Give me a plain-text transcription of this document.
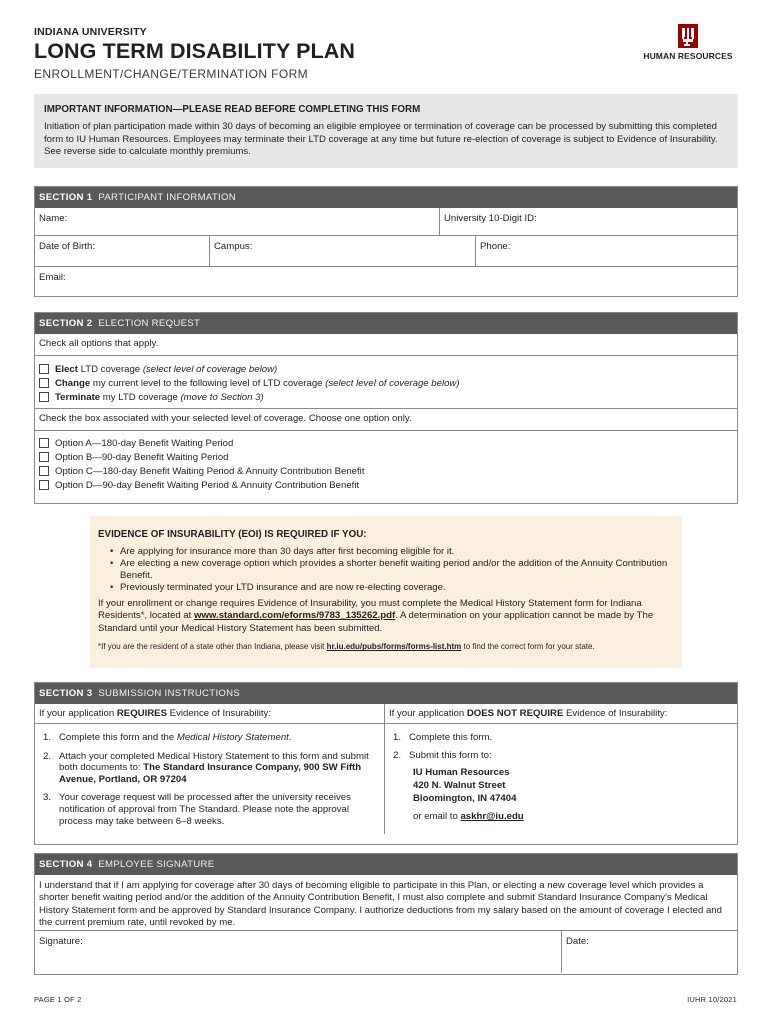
INDIANA UNIVERSITY
LONG TERM DISABILITY PLAN
ENROLLMENT/CHANGE/TERMINATION FORM
HUMAN RESOURCES
IMPORTANT INFORMATION—PLEASE READ BEFORE COMPLETING THIS FORM

Initiation of plan participation made within 30 days of becoming an eligible employee or termination of coverage can be processed by submitting this completed form to IU Human Resources. Employees may terminate their LTD coverage at any time but future re-election of coverage is subject to Evidence of Insurability. See reverse side to calculate monthly premiums.

SECTION 1 PARTICIPANT INFORMATION
Name:	University 10-Digit ID:
Date of Birth:	Campus:	Phone:
Email:
SECTION 2 ELECTION REQUEST
Check all options that apply.
Elect LTD coverage (select level of coverage below)
Change my current level to the following level of LTD coverage (select level of coverage below)
Terminate my LTD coverage (move to Section 3)
Check the box associated with your selected level of coverage. Choose one option only.
Option A—180-day Benefit Waiting Period
Option B—90-day Benefit Waiting Period
Option C—180-day Benefit Waiting Period & Annuity Contribution Benefit
Option D—90-day Benefit Waiting Period & Annuity Contribution Benefit
EVIDENCE OF INSURABILITY (EOI) IS REQUIRED IF YOU:
• Are applying for insurance more than 30 days after first becoming eligible for it.
• Are electing a new coverage option which provides a shorter benefit waiting period and/or the addition of the Annuity Contribution Benefit.
• Previously terminated your LTD insurance and are now re-electing coverage.

If your enrollment or change requires Evidence of Insurability, you must complete the Medical History Statement form for Indiana Residents*, located at www.standard.com/eforms/9783_135262.pdf. A determination on your application cannot be made by The Standard until your Medical History Statement has been submitted.

*If you are the resident of a state other than Indiana, please visit hr.iu.edu/pubs/forms/forms-list.htm to find the correct form for your state.

SECTION 3 SUBMISSION INSTRUCTIONS
If your application REQUIRES Evidence of Insurability:
1. Complete this form and the Medical History Statement.
2. Attach your completed Medical History Statement to this form and submit both documents to: The Standard Insurance Company, 900 SW Fifth Avenue, Portland, OR 97204
3. Your coverage request will be processed after the university receives notification of approval from The Standard. Please note the approval process may take between 6–8 weeks.
If your application DOES NOT REQUIRE Evidence of Insurability:
1. Complete this form.
2. Submit this form to:
IU Human Resources
420 N. Walnut Street
Bloomington, IN 47404
or email to askhr@iu.edu
SECTION 4 EMPLOYEE SIGNATURE
I understand that if I am applying for coverage after 30 days of becoming eligible to participate in this Plan, or electing a new coverage level which provides a shorter benefit waiting period and/or the addition of the Annuity Contribution Benefit, I must also complete and submit Standard Insurance Company's Medical History Statement form and be approved by Standard Insurance Company. I authorize deductions from my salary based on the amount of coverage I elected and the current premium rate, until revoked by me.
Signature:	Date:
PAGE 1 OF 2	IUHR 10/2021
